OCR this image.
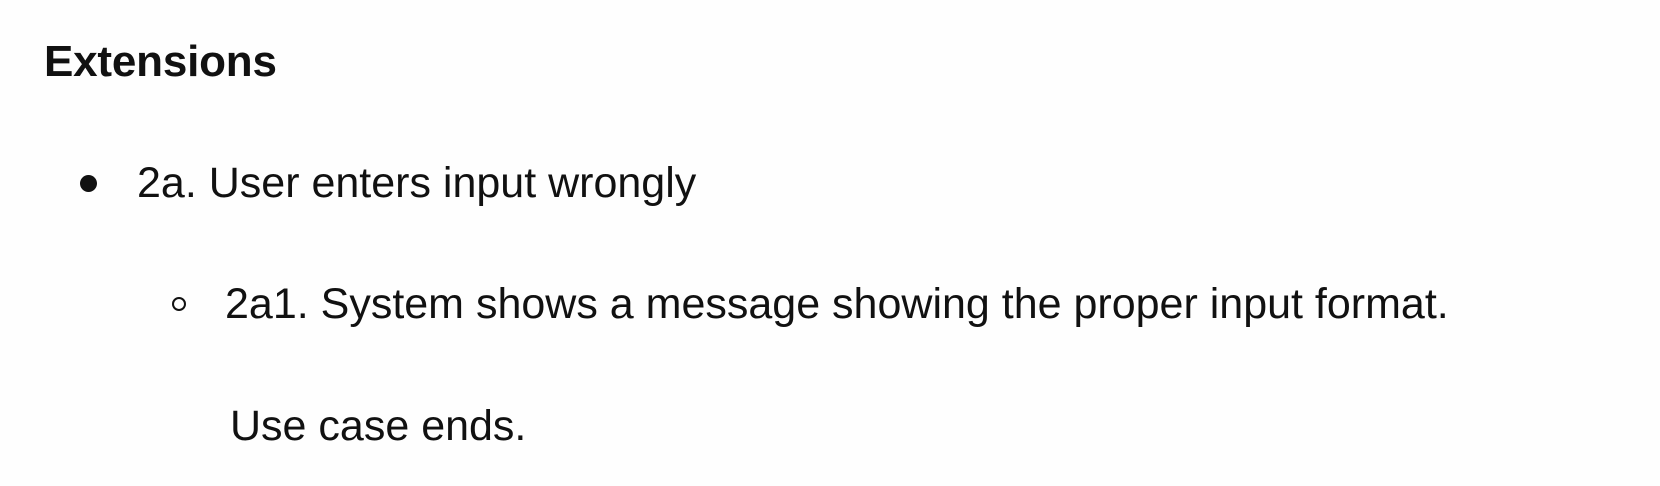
Extensions
2a. User enters input wrongly
2a1. System shows a message showing the proper input format.

Use case ends.
